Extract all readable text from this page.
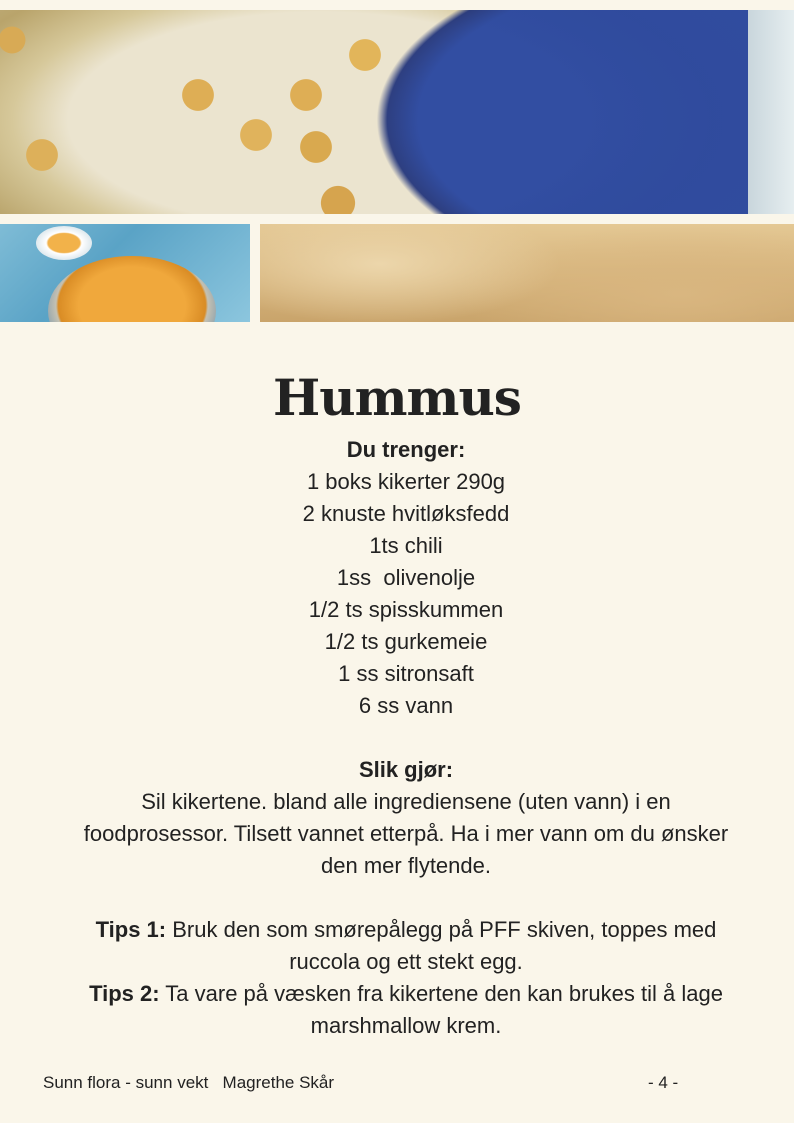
Hummus
Du trenger:
1 boks kikerter 290g
2 knuste hvitløksfedd
1ts chili
1ss  olivenolje
1/2 ts spisskummen
1/2 ts gurkemeie
1 ss sitronsaft
6 ss vann
Slik gjør:
Sil kikertene. bland alle ingrediensene (uten vann) i en foodprosessor. Tilsett vannet etterpå. Ha i mer vann om du ønsker den mer flytende.
Tips 1: Bruk den som smørepålegg på PFF skiven, toppes med ruccola og ett stekt egg.
Tips 2: Ta vare på væsken fra kikertene den kan brukes til å lage marshmallow krem.
Sunn flora - sunn vekt   Magrethe Skår	- 4 -
